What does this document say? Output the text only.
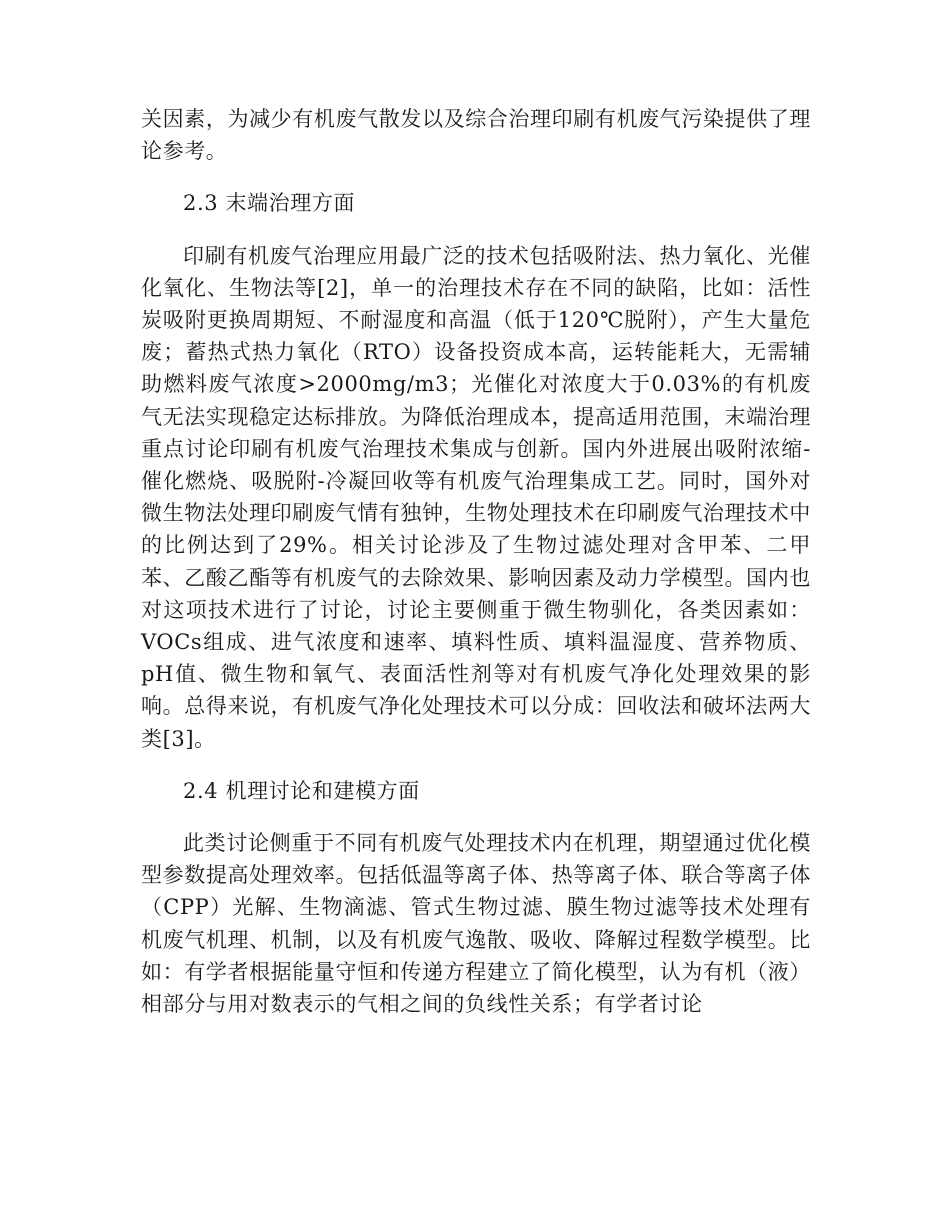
关因素，为减少有机废气散发以及综合治理印刷有机废气污染提供了理论参考。

2.3 末端治理方面

印刷有机废气治理应用最广泛的技术包括吸附法、热力氧化、光催化氧化、生物法等[2]，单一的治理技术存在不同的缺陷，比如：活性炭吸附更换周期短、不耐湿度和高温（低于120℃脱附），产生大量危废；蓄热式热力氧化（RTO）设备投资成本高，运转能耗大，无需辅助燃料废气浓度>2000mg/m3；光催化对浓度大于0.03%的有机废气无法实现稳定达标排放。为降低治理成本，提高适用范围，末端治理重点讨论印刷有机废气治理技术集成与创新。国内外进展出吸附浓缩-催化燃烧、吸脱附-冷凝回收等有机废气治理集成工艺。同时，国外对微生物法处理印刷废气情有独钟，生物处理技术在印刷废气治理技术中的比例达到了29%。相关讨论涉及了生物过滤处理对含甲苯、二甲苯、乙酸乙酯等有机废气的去除效果、影响因素及动力学模型。国内也对这项技术进行了讨论，讨论主要侧重于微生物驯化，各类因素如：VOCs组成、进气浓度和速率、填料性质、填料温湿度、营养物质、pH值、微生物和氧气、表面活性剂等对有机废气净化处理效果的影响。总得来说，有机废气净化处理技术可以分成：回收法和破坏法两大类[3]。

2.4 机理讨论和建模方面

此类讨论侧重于不同有机废气处理技术内在机理，期望通过优化模型参数提高处理效率。包括低温等离子体、热等离子体、联合等离子体（CPP）光解、生物滴滤、管式生物过滤、膜生物过滤等技术处理有机废气机理、机制，以及有机废气逸散、吸收、降解过程数学模型。比如：有学者根据能量守恒和传递方程建立了简化模型，认为有机（液）相部分与用对数表示的气相之间的负线性关系；有学者讨论
